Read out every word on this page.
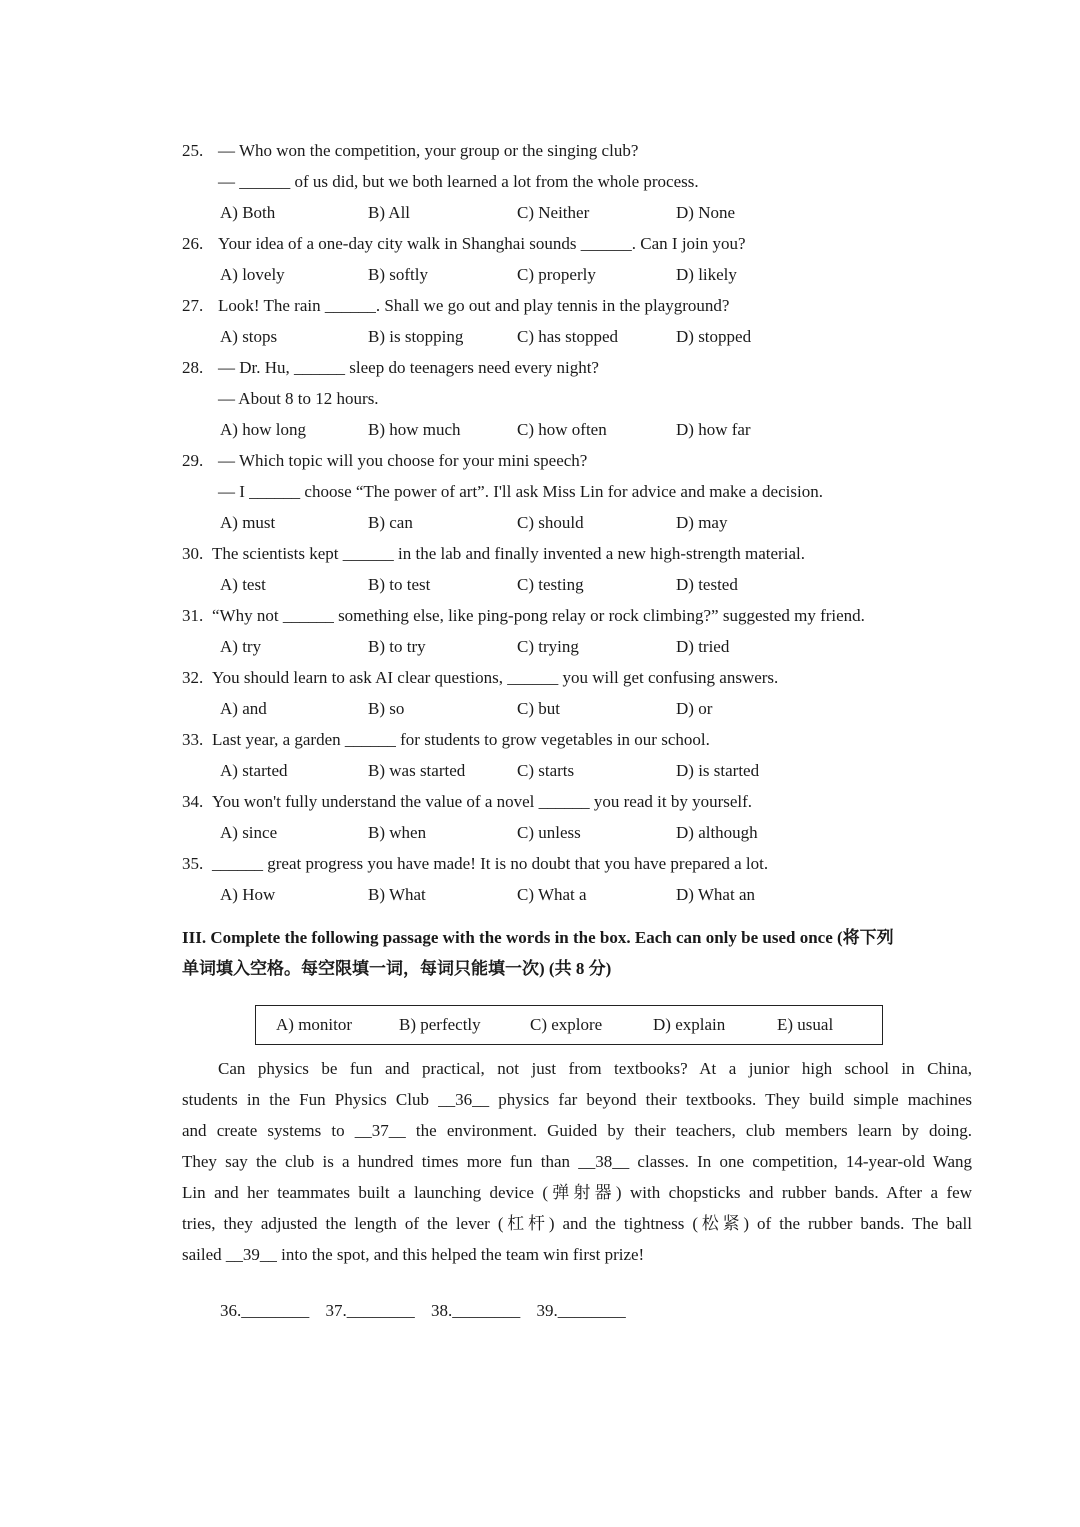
25. — Who won the competition, your group or the singing club?
— ______ of us did, but we both learned a lot from the whole process.
A) Both	B) All	C) Neither	D) None
26. Your idea of a one-day city walk in Shanghai sounds ______. Can I join you?
A) lovely	B) softly	C) properly	D) likely
27. Look! The rain ______. Shall we go out and play tennis in the playground?
A) stops	B) is stopping	C) has stopped	D) stopped
28. — Dr. Hu, ______ sleep do teenagers need every night?
— About 8 to 12 hours.
A) how long	B) how much	C) how often	D) how far
29. — Which topic will you choose for your mini speech?
— I ______ choose “The power of art”. I'll ask Miss Lin for advice and make a decision.
A) must	B) can	C) should	D) may
30. The scientists kept ______ in the lab and finally invented a new high-strength material.
A) test	B) to test	C) testing	D) tested
31. “Why not ______ something else, like ping-pong relay or rock climbing?” suggested my friend.
A) try	B) to try	C) trying	D) tried
32. You should learn to ask AI clear questions, ______ you will get confusing answers.
A) and	B) so	C) but	D) or
33. Last year, a garden ______ for students to grow vegetables in our school.
A) started	B) was started	C) starts	D) is started
34. You won't fully understand the value of a novel ______ you read it by yourself.
A) since	B) when	C) unless	D) although
35. ______ great progress you have made! It is no doubt that you have prepared a lot.
A) How	B) What	C) What a	D) What an
III. Complete the following passage with the words in the box. Each can only be used once (将下列
单词填入空格。每空限填一词，每词只能填一次) (共 8 分)
A) monitor	B) perfectly	C) explore	D) explain	E) usual
Can physics be fun and practical, not just from textbooks? At a junior high school in China,
students in the Fun Physics Club __36__ physics far beyond their textbooks. They build simple machines
and create systems to __37__ the environment. Guided by their teachers, club members learn by doing.
They say the club is a hundred times more fun than __38__ classes. In one competition, 14-year-old Wang
Lin and her teammates built a launching device (弹射器) with chopsticks and rubber bands. After a few
tries, they adjusted the length of the lever (杠杆) and the tightness (松紧) of the rubber bands. The ball
sailed __39__ into the spot, and this helped the team win first prize!
36.________ 37.________ 38.________ 39.________
